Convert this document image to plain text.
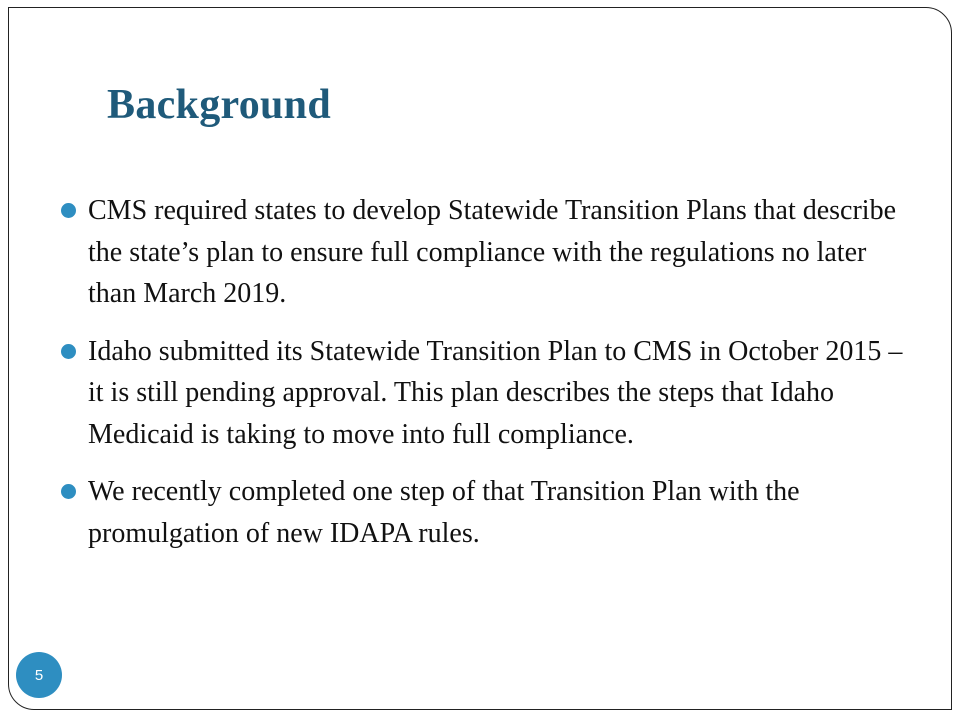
Background
CMS required states to develop Statewide Transition Plans that describe the state’s plan to ensure full compliance with the regulations no later than March 2019.
Idaho submitted its Statewide Transition Plan to CMS in October 2015 – it is still pending approval. This plan describes the steps that Idaho Medicaid is taking to move into full compliance.
We recently completed one step of that Transition Plan with the promulgation of new IDAPA rules.
5
